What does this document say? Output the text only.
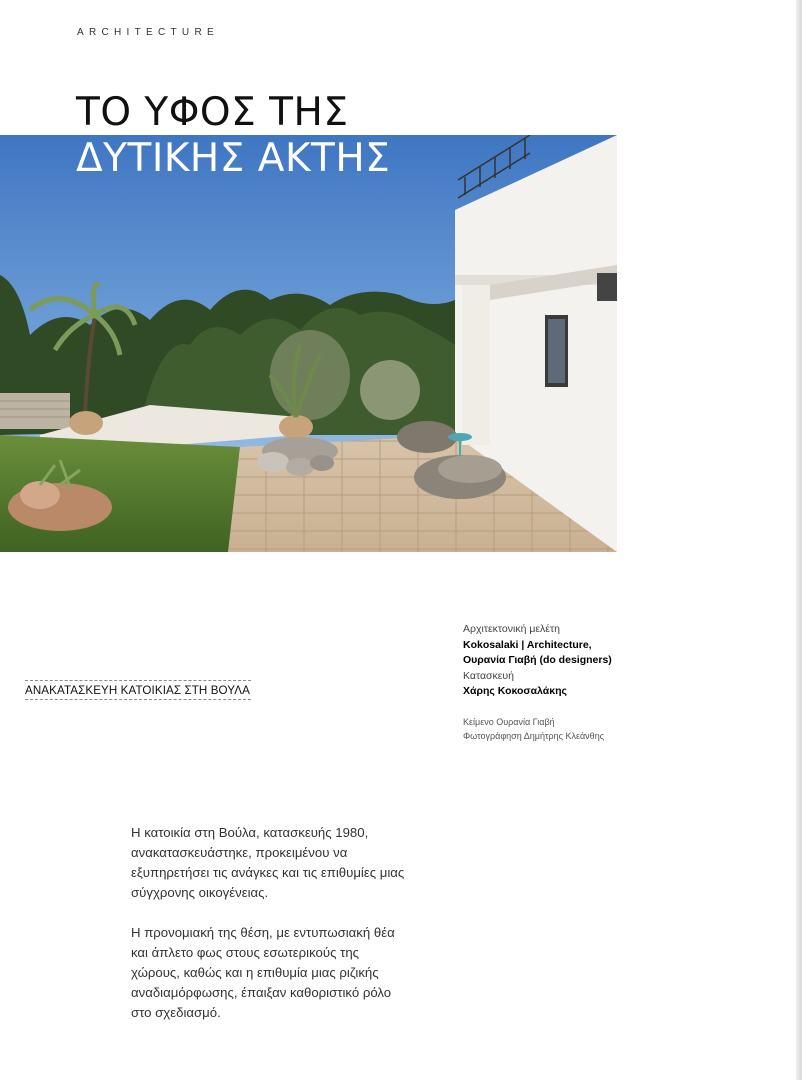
ARCHITECTURE
ΤΟ ΥΦΟΣ ΤΗΣ
ΔΥΤΙΚΗΣ ΑΚΤΗΣ
ΑΝΑΚΑΤΑΣΚΕΥΗ ΚΑΤΟΙΚΙΑΣ ΣΤΗ ΒΟΥΛΑ
Αρχιτεκτονική μελέτη
Kokosalaki | Architecture,
Ουρανία Γιαβή (do designers)
Κατασκευή
Χάρης Κοκοσαλάκης
Κείμενο Ουρανία Γιαβή
Φωτογράφηση Δημήτρης Κλεάνθης

Η κατοικία στη Βούλα, κατασκευής 1980, ανακατασκευάστηκε, προκειμένου να εξυπηρετήσει τις ανάγκες και τις επιθυμίες μιας σύγχρονης οικογένειας.

Η προνομιακή της θέση, με εντυπωσιακή θέα και άπλετο φως στους εσωτερικούς της χώρους, καθώς και η επιθυμία μιας ριζικής αναδιαμόρφωσης, έπαιξαν καθοριστικό ρόλο στο σχεδιασμό.
